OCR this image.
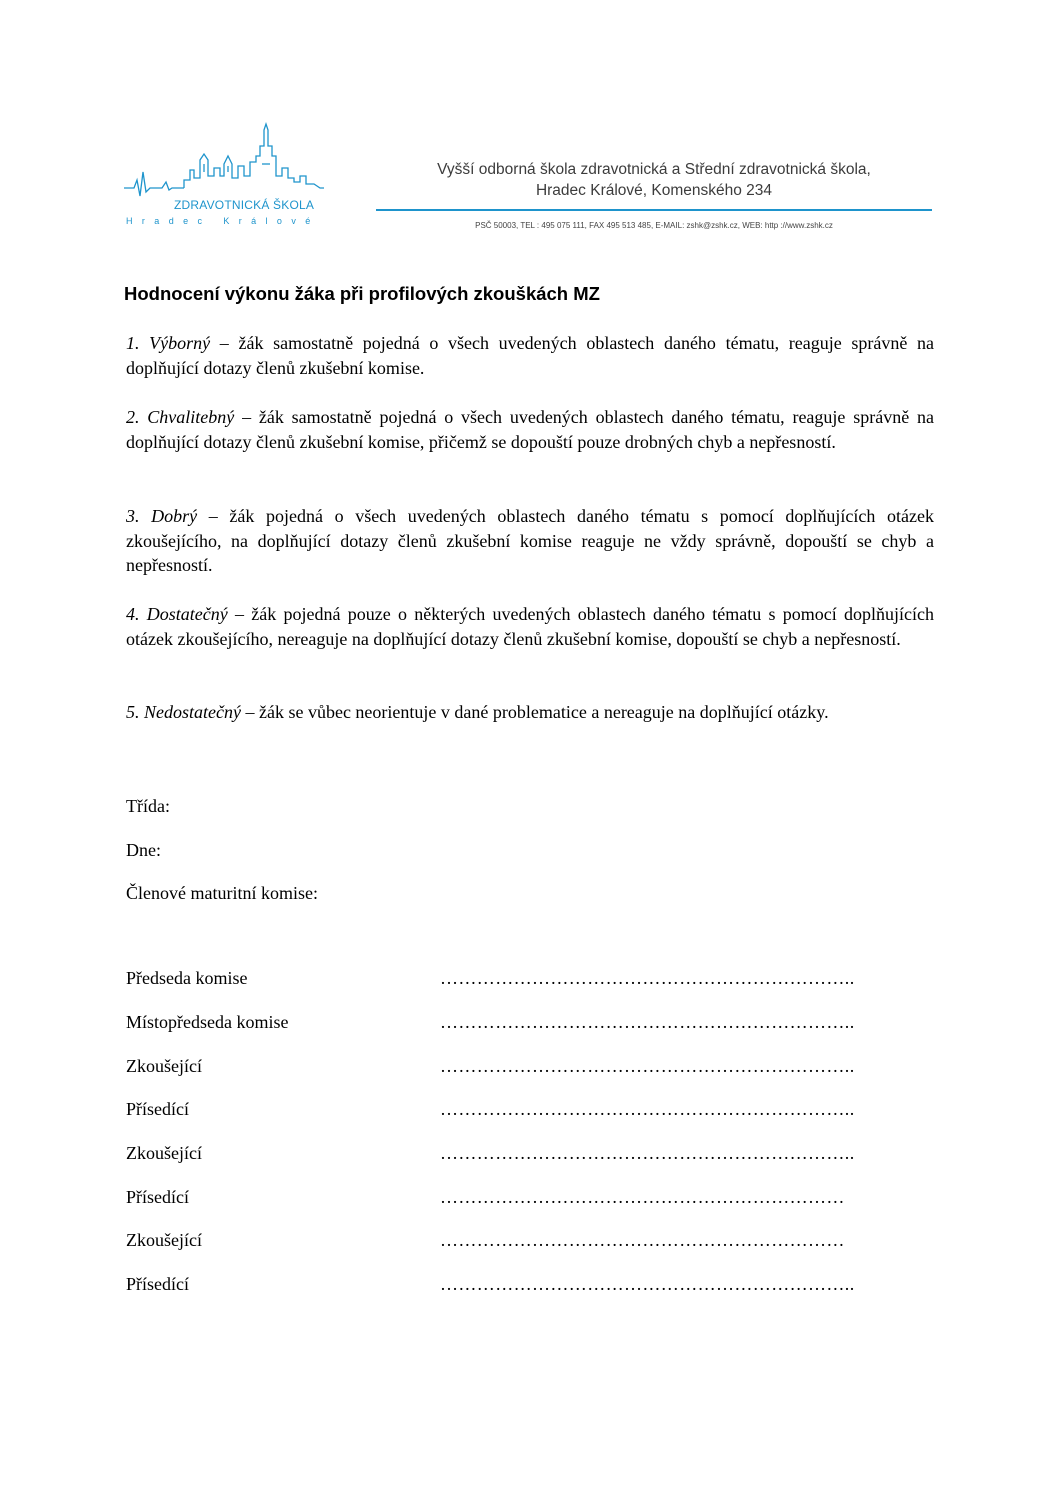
ZDRAVOTNICKÁ ŠKOLA
Hradec Králové
Vyšší odborná škola zdravotnická a Střední zdravotnická škola,
Hradec Králové, Komenského 234
PSČ 50003, TEL : 495 075 111, FAX 495 513 485, E-MAIL: zshk@zshk.cz, WEB: http ://www.zshk.cz
Hodnocení výkonu žáka při profilových zkouškách MZ

1. Výborný – žák samostatně pojedná o všech uvedených oblastech daného tématu, reaguje správně na doplňující dotazy členů zkušební komise.

2. Chvalitebný – žák samostatně pojedná o všech uvedených oblastech daného tématu, reaguje správně na doplňující dotazy členů zkušební komise, přičemž se dopouští pouze drobných chyb a nepřesností.

3. Dobrý – žák pojedná o všech uvedených oblastech daného tématu s pomocí doplňujících otázek zkoušejícího, na doplňující dotazy členů zkušební komise reaguje ne vždy správně, dopouští se chyb a nepřesností.

4. Dostatečný – žák pojedná pouze o některých uvedených oblastech daného tématu s pomocí doplňujících otázek zkoušejícího, nereaguje na doplňující dotazy členů zkušební komise, dopouští se chyb a nepřesností.

5. Nedostatečný – žák se vůbec neorientuje v dané problematice a nereaguje na doplňující otázky.

Třída:
Dne:
Členové maturitní komise:
Předseda komise	…………………………………………………………..
Místopředseda komise	…………………………………………………………..
Zkoušející	…………………………………………………………..
Přísedící	…………………………………………………………..
Zkoušející	…………………………………………………………..
Přísedící	…………………………………………………………
Zkoušející	…………………………………………………………
Přísedící	…………………………………………………………..
